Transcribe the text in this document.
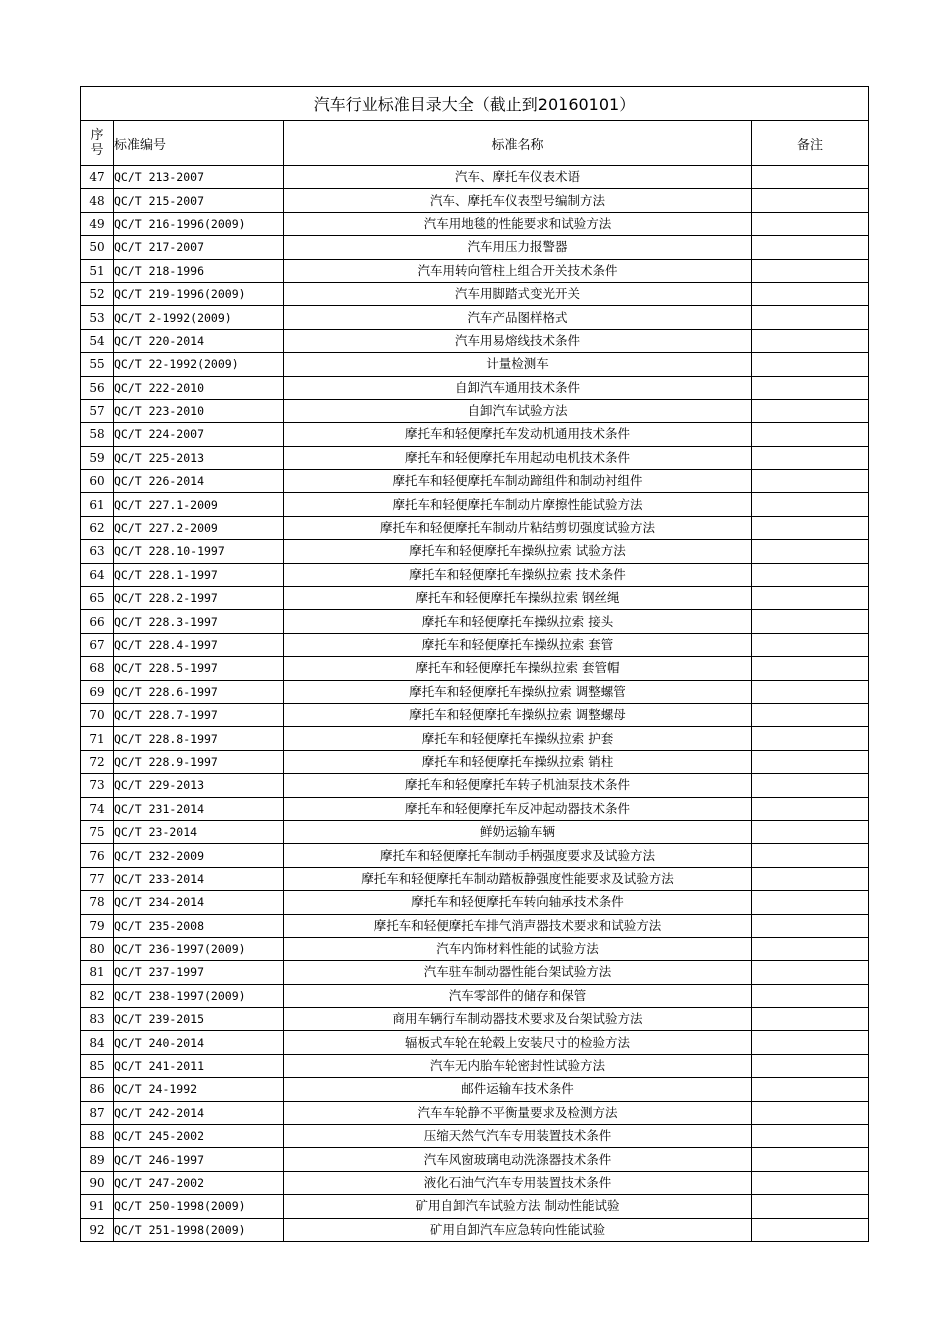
汽车行业标准目录大全（截止到20160101）			
序号	标准编号	标准名称	备注
47	QC/T 213-2007	汽车、摩托车仪表术语	
48	QC/T 215-2007	汽车、摩托车仪表型号编制方法	
49	QC/T 216-1996(2009)	汽车用地毯的性能要求和试验方法	
50	QC/T 217-2007	汽车用压力报警器	
51	QC/T 218-1996	汽车用转向管柱上组合开关技术条件	
52	QC/T 219-1996(2009)	汽车用脚踏式变光开关	
53	QC/T 2-1992(2009)	汽车产品图样格式	
54	QC/T 220-2014	汽车用易熔线技术条件	
55	QC/T 22-1992(2009)	计量检测车	
56	QC/T 222-2010	自卸汽车通用技术条件	
57	QC/T 223-2010	自卸汽车试验方法	
58	QC/T 224-2007	摩托车和轻便摩托车发动机通用技术条件	
59	QC/T 225-2013	摩托车和轻便摩托车用起动电机技术条件	
60	QC/T 226-2014	摩托车和轻便摩托车制动蹄组件和制动衬组件	
61	QC/T 227.1-2009	摩托车和轻便摩托车制动片摩擦性能试验方法	
62	QC/T 227.2-2009	摩托车和轻便摩托车制动片粘结剪切强度试验方法	
63	QC/T 228.10-1997	摩托车和轻便摩托车操纵拉索 试验方法	
64	QC/T 228.1-1997	摩托车和轻便摩托车操纵拉索 技术条件	
65	QC/T 228.2-1997	摩托车和轻便摩托车操纵拉索 钢丝绳	
66	QC/T 228.3-1997	摩托车和轻便摩托车操纵拉索 接头	
67	QC/T 228.4-1997	摩托车和轻便摩托车操纵拉索 套管	
68	QC/T 228.5-1997	摩托车和轻便摩托车操纵拉索 套管帽	
69	QC/T 228.6-1997	摩托车和轻便摩托车操纵拉索 调整螺管	
70	QC/T 228.7-1997	摩托车和轻便摩托车操纵拉索 调整螺母	
71	QC/T 228.8-1997	摩托车和轻便摩托车操纵拉索 护套	
72	QC/T 228.9-1997	摩托车和轻便摩托车操纵拉索 销柱	
73	QC/T 229-2013	摩托车和轻便摩托车转子机油泵技术条件	
74	QC/T 231-2014	摩托车和轻便摩托车反冲起动器技术条件	
75	QC/T 23-2014	鲜奶运输车辆	
76	QC/T 232-2009	摩托车和轻便摩托车制动手柄强度要求及试验方法	
77	QC/T 233-2014	摩托车和轻便摩托车制动踏板静强度性能要求及试验方法	
78	QC/T 234-2014	摩托车和轻便摩托车转向轴承技术条件	
79	QC/T 235-2008	摩托车和轻便摩托车排气消声器技术要求和试验方法	
80	QC/T 236-1997(2009)	汽车内饰材料性能的试验方法	
81	QC/T 237-1997	汽车驻车制动器性能台架试验方法	
82	QC/T 238-1997(2009)	汽车零部件的储存和保管	
83	QC/T 239-2015	商用车辆行车制动器技术要求及台架试验方法	
84	QC/T 240-2014	辐板式车轮在轮毂上安装尺寸的检验方法	
85	QC/T 241-2011	汽车无内胎车轮密封性试验方法	
86	QC/T 24-1992	邮件运输车技术条件	
87	QC/T 242-2014	汽车车轮静不平衡量要求及检测方法	
88	QC/T 245-2002	压缩天然气汽车专用装置技术条件	
89	QC/T 246-1997	汽车风窗玻璃电动洗涤器技术条件	
90	QC/T 247-2002	液化石油气汽车专用装置技术条件	
91	QC/T 250-1998(2009)	矿用自卸汽车试验方法 制动性能试验	
92	QC/T 251-1998(2009)	矿用自卸汽车应急转向性能试验	
